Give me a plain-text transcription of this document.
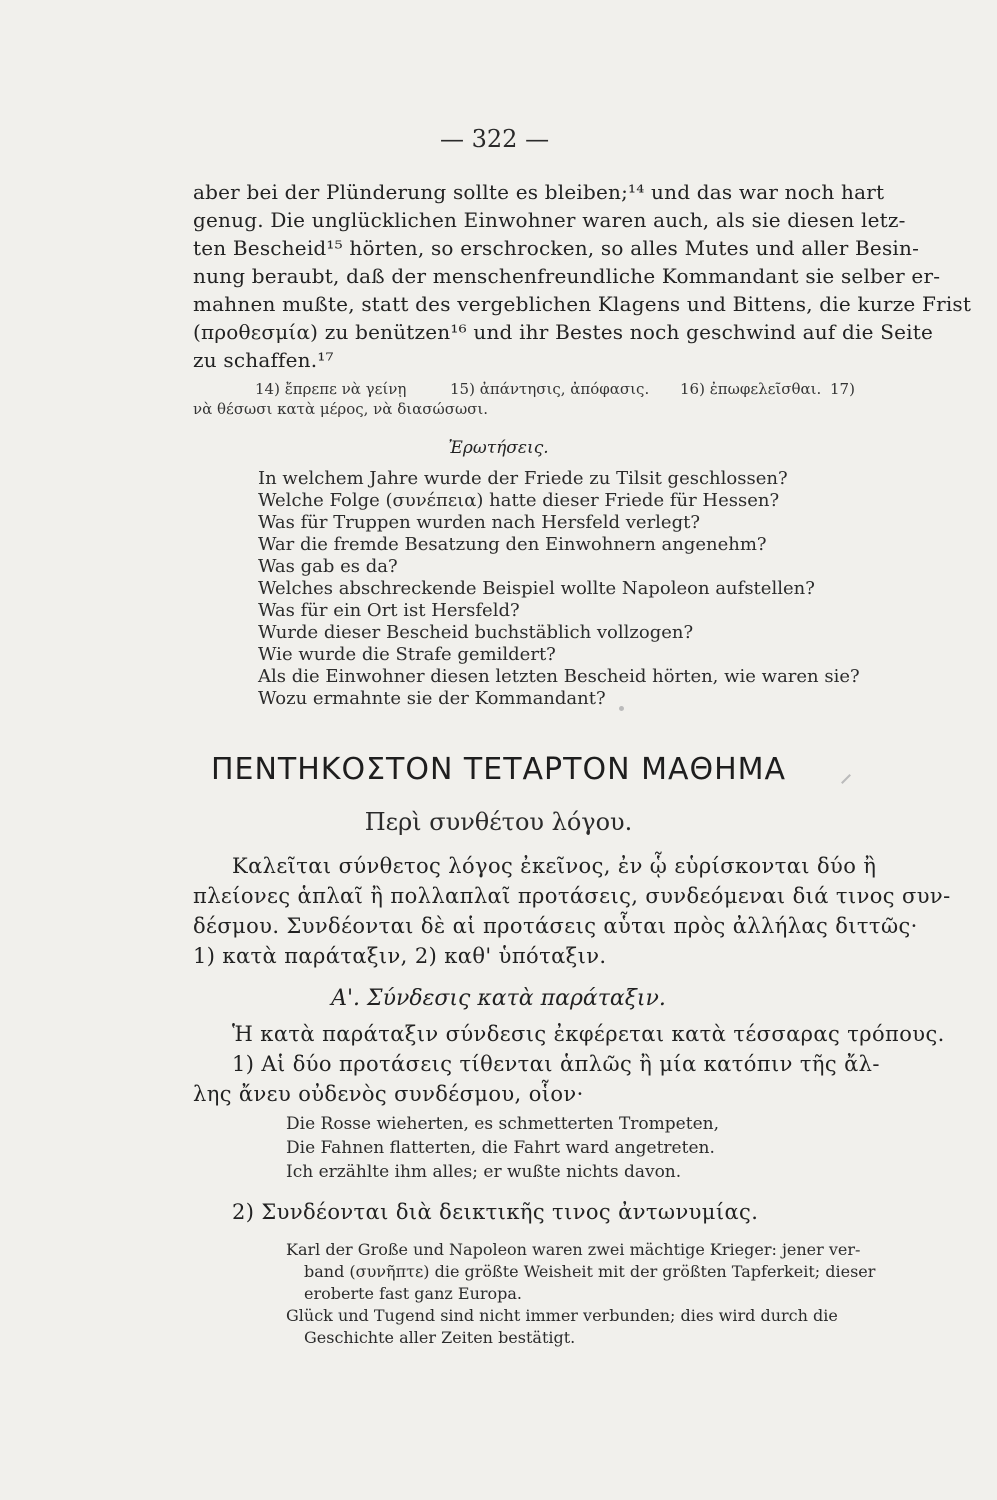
— 322 —
aber bei der Plünderung sollte es bleiben;¹⁴ und das war noch hart
genug. Die unglücklichen Einwohner waren auch, als sie diesen letz-
ten Bescheid¹⁵ hörten, so erschrocken, so alles Mutes und aller Besin-
nung beraubt, daß der menschenfreundliche Kommandant sie selber er-
mahnen mußte, statt des vergeblichen Klagens und Bittens, die kurze Frist
(προθεσμία) zu benützen¹⁶ und ihr Bestes noch geschwind auf die Seite
zu schaffen.¹⁷
14) ἔπρεπε νὰ γείνῃ	15) ἀπάντησις, ἀπόφασις. 16) ἐπωφελεῖσθαι. 17)
νὰ θέσωσι κατὰ μέρος, νὰ διασώσωσι.
Ἐρωτήσεις.
In welchem Jahre wurde der Friede zu Tilsit geschlossen?
Welche Folge (συνέπεια) hatte dieser Friede für Hessen?
Was für Truppen wurden nach Hersfeld verlegt?
War die fremde Besatzung den Einwohnern angenehm?
Was gab es da?
Welches abschreckende Beispiel wollte Napoleon aufstellen?
Was für ein Ort ist Hersfeld?
Wurde dieser Bescheid buchstäblich vollzogen?
Wie wurde die Strafe gemildert?
Als die Einwohner diesen letzten Bescheid hörten, wie waren sie?
Wozu ermahnte sie der Kommandant?
ΠΕΝΤΗΚΟΣΤΟΝ ΤΕΤΑΡΤΟΝ ΜΑΘΗΜΑ
Περὶ συνθέτου λόγου.
Καλεῖται σύνθετος λόγος ἐκεῖνος, ἐν ᾧ εὑρίσκονται δύο ἢ
πλείονες ἁπλαῖ ἢ πολλαπλαῖ προτάσεις, συνδεόμεναι διά τινος συν-
δέσμου. Συνδέονται δὲ αἱ προτάσεις αὗται πρὸς ἀλλήλας διττῶς·
1) κατὰ παράταξιν, 2) καθ' ὑπόταξιν.
Α'. Σύνδεσις κατὰ παράταξιν.
Ἡ κατὰ παράταξιν σύνδεσις ἐκφέρεται κατὰ τέσσαρας τρόπους.
1) Αἱ δύο προτάσεις τίθενται ἁπλῶς ἢ μία κατόπιν τῆς ἄλ-
λης ἄνευ οὐδενὸς συνδέσμου, οἷον·
Die Rosse wieherten, es schmetterten Trompeten,
Die Fahnen flatterten, die Fahrt ward angetreten.
Ich erzählte ihm alles; er wußte nichts davon.
2) Συνδέονται διὰ δεικτικῆς τινος ἀντωνυμίας.
Karl der Große und Napoleon waren zwei mächtige Krieger: jener ver-
band (συνῆπτε) die größte Weisheit mit der größten Tapferkeit; dieser
eroberte fast ganz Europa.
Glück und Tugend sind nicht immer verbunden; dies wird durch die
Geschichte aller Zeiten bestätigt.
